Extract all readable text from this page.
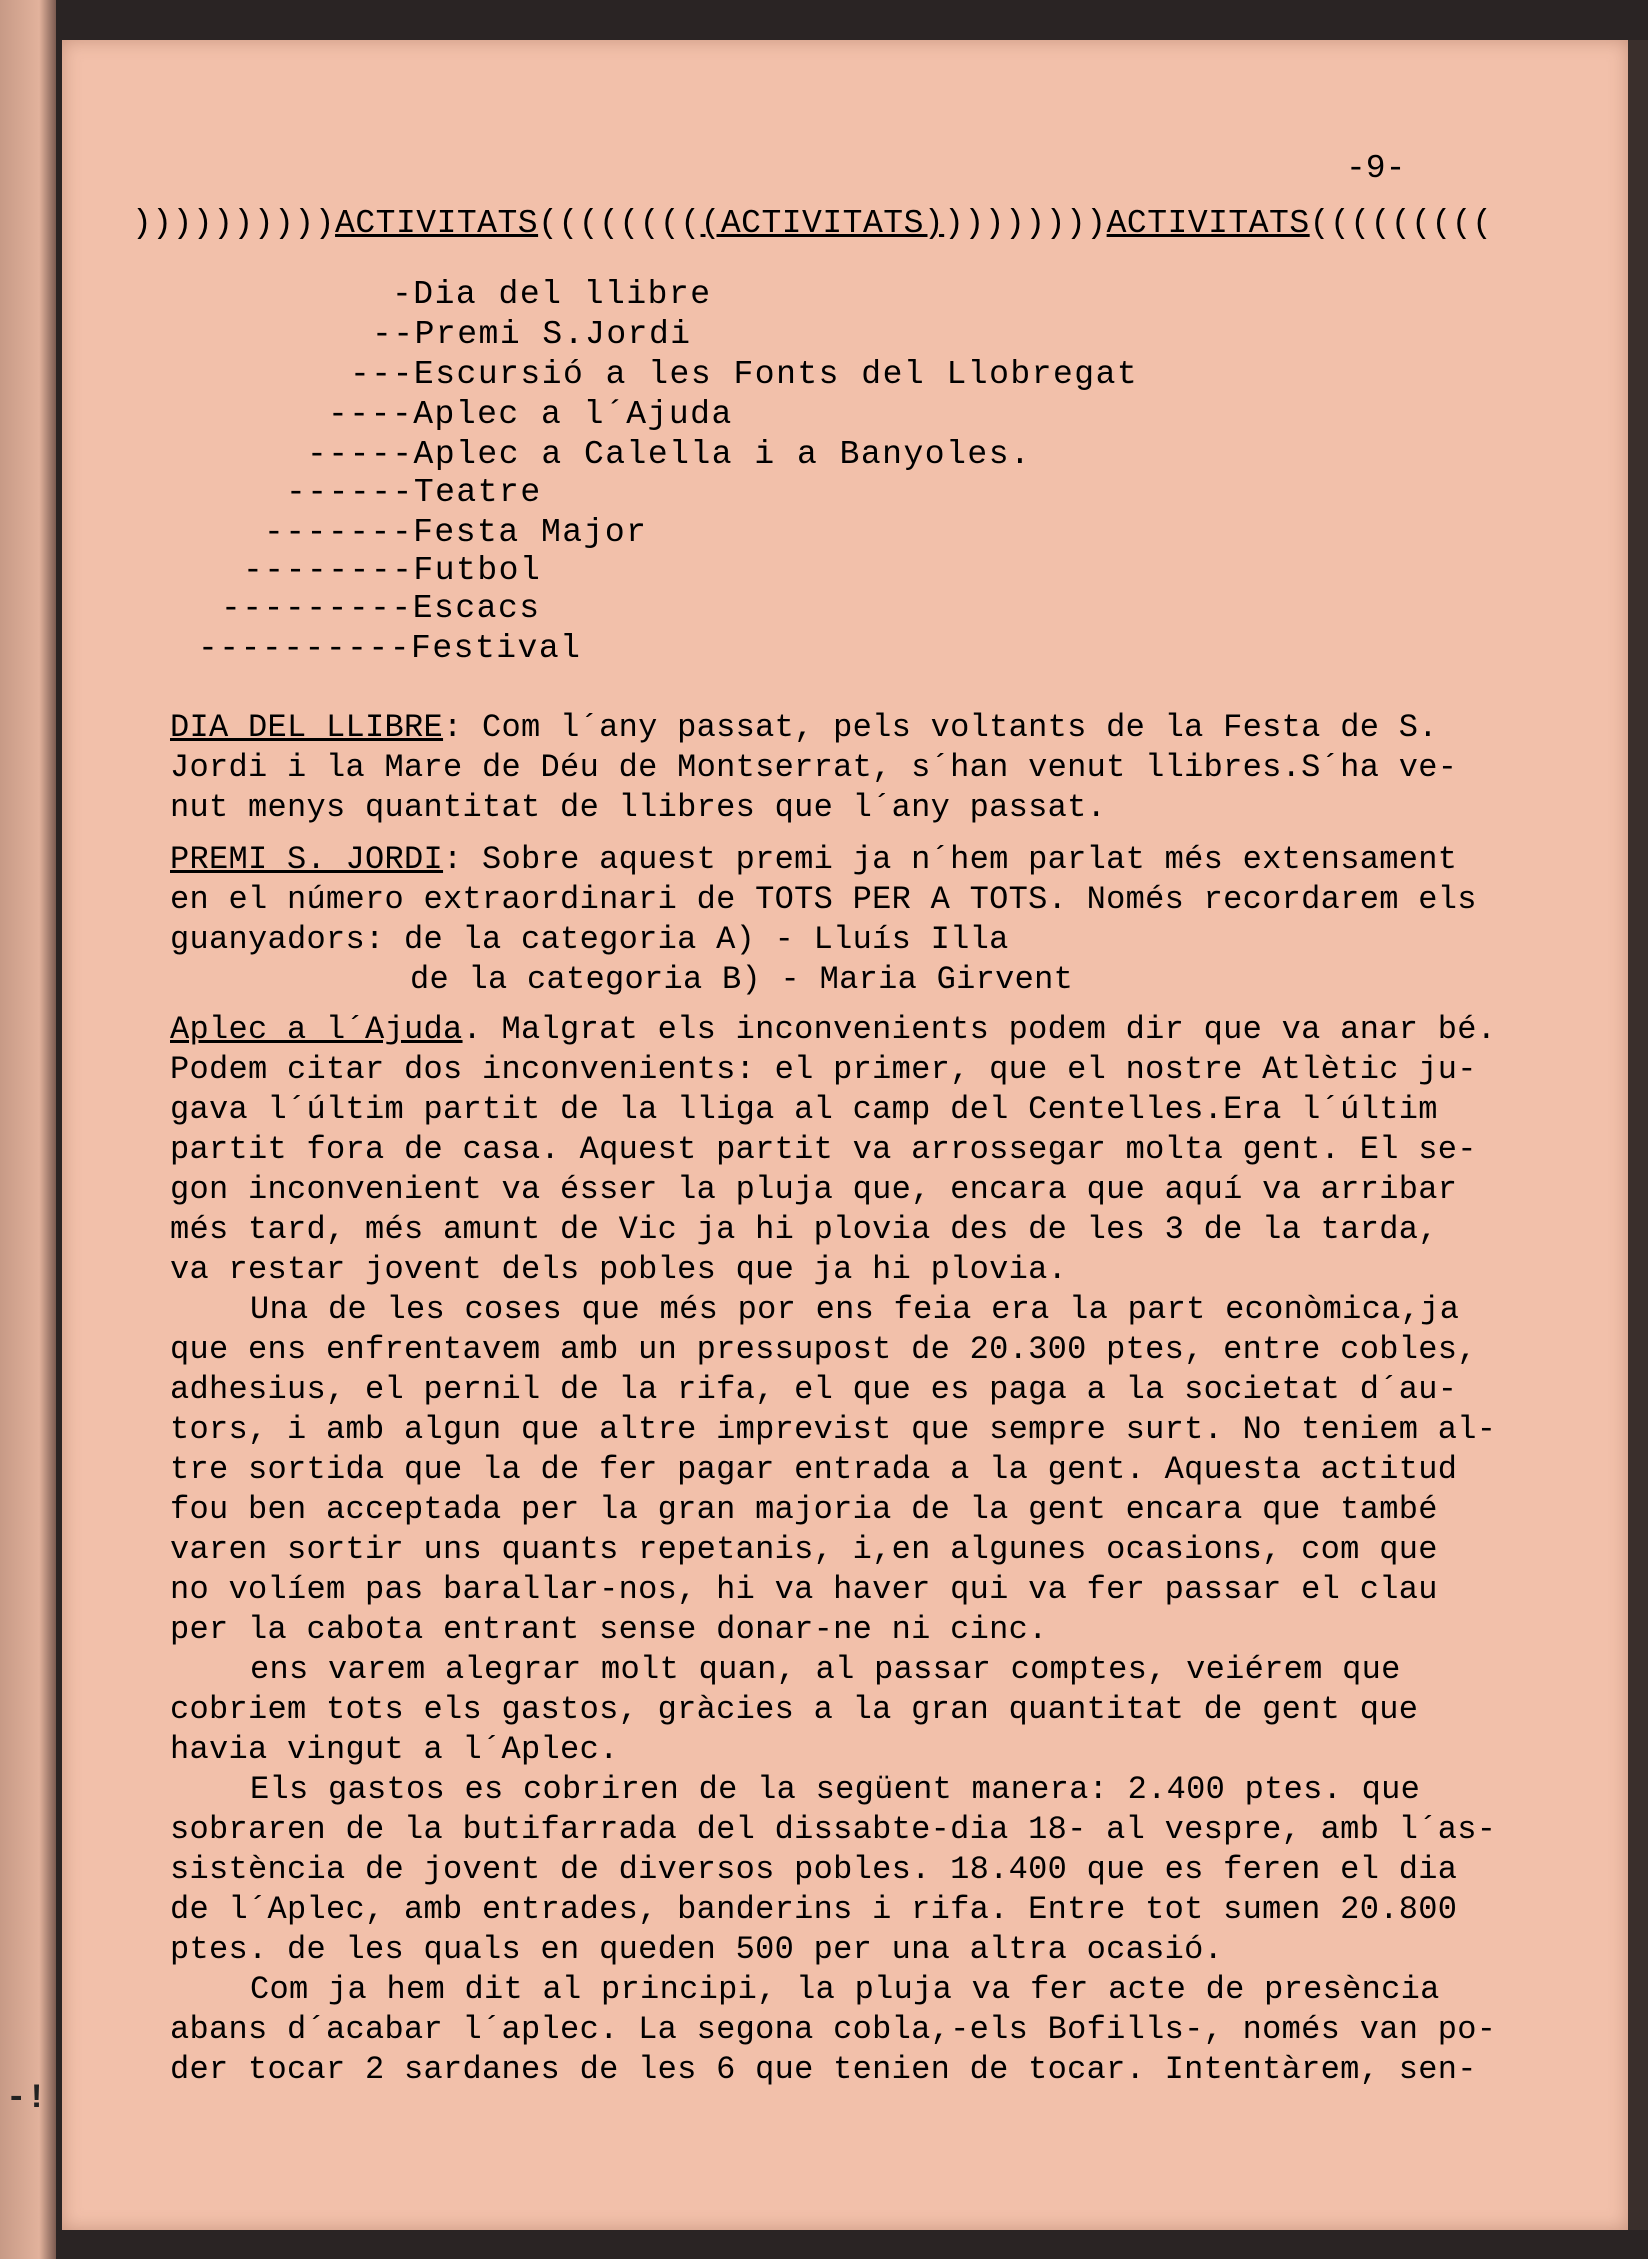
-!
-9-
))))))))))ACTIVITATS(((((((((ACTIVITATS)))))))))ACTIVITATS(((((((((
-Dia del llibre
--Premi S.Jordi
---Escursió a les Fonts del Llobregat
----Aplec a l´Ajuda
-----Aplec a Calella i a Banyoles.
------Teatre
-------Festa Major
--------Futbol
---------Escacs
----------Festival
DIA DEL LLIBRE: Com l´any passat, pels voltants de la Festa de S.
Jordi i la Mare de Déu de Montserrat, s´han venut llibres.S´ha ve-
nut menys quantitat de llibres que l´any passat.
PREMI S. JORDI: Sobre aquest premi ja n´hem parlat més extensament
en el número extraordinari de TOTS PER A TOTS. Només recordarem els
guanyadors: de la categoria A) - Lluís Illa
de la categoria B) - Maria Girvent
Aplec a l´Ajuda. Malgrat els inconvenients podem dir que va anar bé.
Podem citar dos inconvenients: el primer, que el nostre Atlètic ju-
gava l´últim partit de la lliga al camp del Centelles.Era l´últim
partit fora de casa. Aquest partit va arrossegar molta gent. El se-
gon inconvenient va ésser la pluja que, encara que aquí va arribar
més tard, més amunt de Vic ja hi plovia des de les 3 de la tarda,
va restar jovent dels pobles que ja hi plovia.
Una de les coses que més por ens feia era la part econòmica,ja
que ens enfrentavem amb un pressupost de 20.300 ptes, entre cobles,
adhesius, el pernil de la rifa, el que es paga a la societat d´au-
tors, i amb algun que altre imprevist que sempre surt. No teniem al-
tre sortida que la de fer pagar entrada a la gent. Aquesta actitud
fou ben acceptada per la gran majoria de la gent encara que també
varen sortir uns quants repetanis, i,en algunes ocasions, com que
no volíem pas barallar-nos, hi va haver qui va fer passar el clau
per la cabota entrant sense donar-ne ni cinc.
ens varem alegrar molt quan, al passar comptes, veiérem que
cobriem tots els gastos, gràcies a la gran quantitat de gent que
havia vingut a l´Aplec.
Els gastos es cobriren de la següent manera: 2.400 ptes. que
sobraren de la butifarrada del dissabte-dia 18- al vespre, amb l´as-
sistència de jovent de diversos pobles. 18.400 que es feren el dia
de l´Aplec, amb entrades, banderins i rifa. Entre tot sumen 20.800
ptes. de les quals en queden 500 per una altra ocasió.
Com ja hem dit al principi, la pluja va fer acte de presència
abans d´acabar l´aplec. La segona cobla,-els Bofills-, només van po-
der tocar 2 sardanes de les 6 que tenien de tocar. Intentàrem, sen-
